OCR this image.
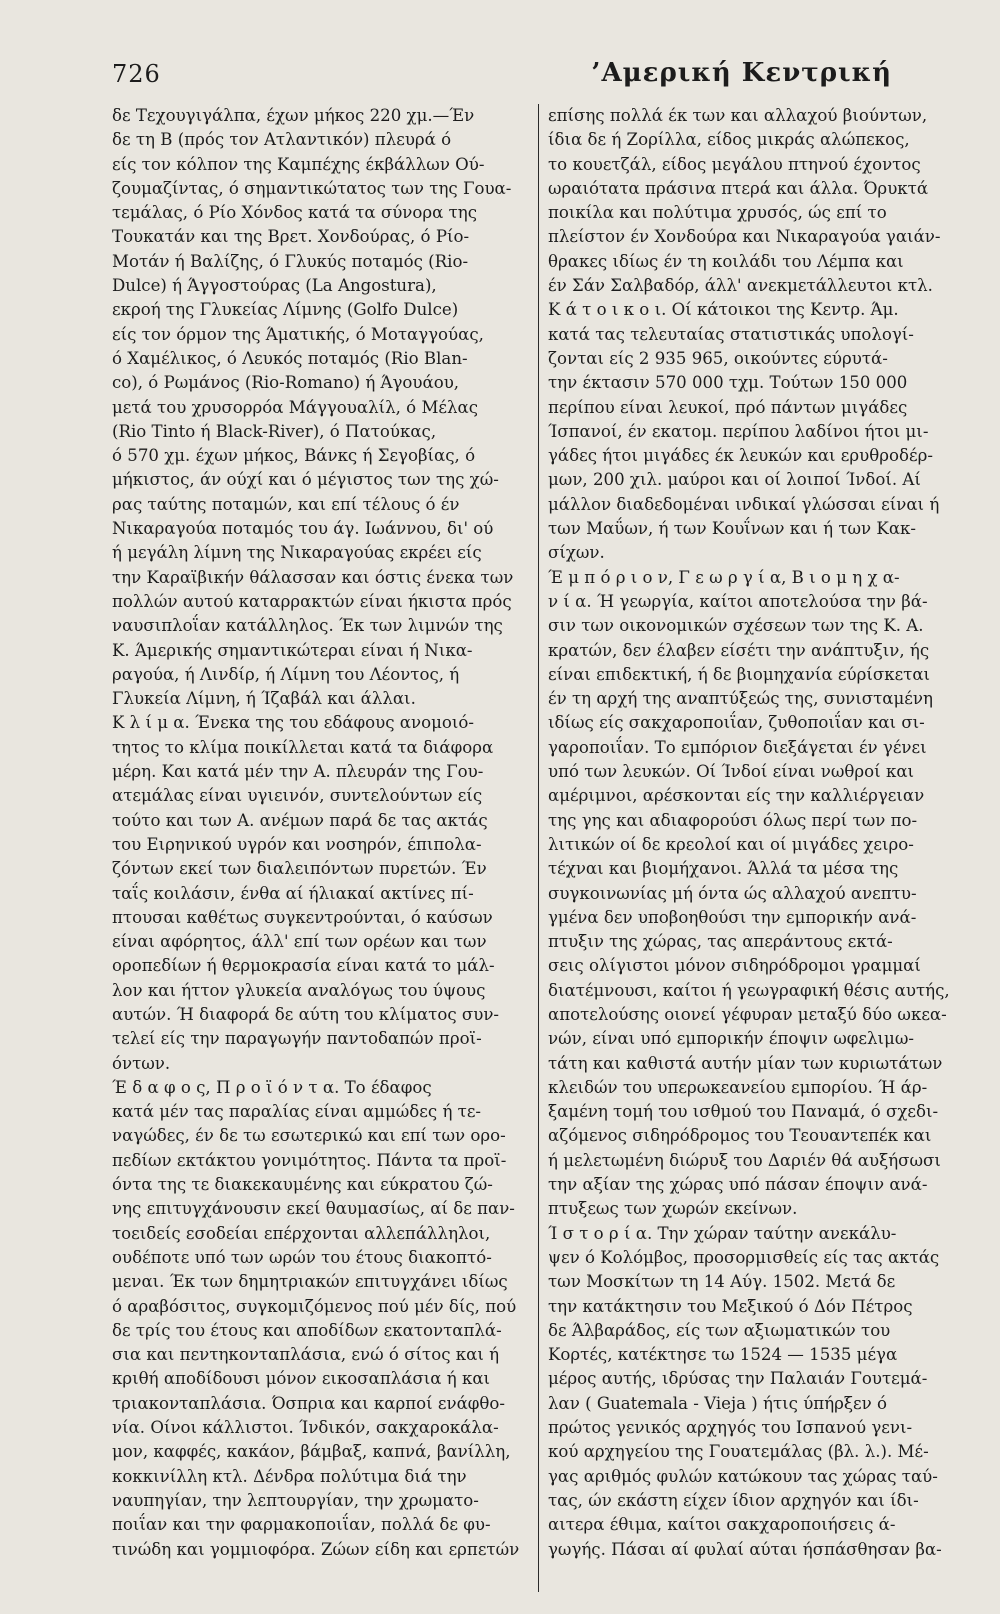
726	’Αμερική Κεντρική
δε Τεχουγιγάλπα, έχων μήκος 220 χμ.—Έν
δε τη Β (πρός τον Ατλαντικόν) πλευρά ό
είς τον κόλπον της Καμπέχης έκβάλλων Ού-
ζουμαζίντας, ό σημαντικώτατος των της Γουα-
τεμάλας, ό Ρίο Χόνδος κατά τα σύνορα της
Τουκατάν και της Βρετ. Χονδούρας, ό Ρίο-
Μοτάν ή Βαλίζης, ό Γλυκύς ποταμός (Rio-
Dulce) ή Άγγοστούρας (La Angostura),
εκροή της Γλυκείας Λίμνης (Golfo Dulce)
είς τον όρμον της Άματικής, ό Μοταγγούας,
ό Χαμέλικος, ό Λευκός ποταμός (Rio Blan-
co), ό Ρωμάνος (Rio-Romano) ή Άγουάου,
μετά του χρυσορρόα Μάγγουαλίλ, ό Μέλας
(Rio Tinto ή Black-River), ό Πατούκας,
ό 570 χμ. έχων μήκος, Βάνκς ή Σεγοβίας, ό
μήκιστος, άν ούχί και ό μέγιστος των της χώ-
ρας ταύτης ποταμών, και επί τέλους ό έν
Νικαραγούα ποταμός του άγ. Ιωάννου, δι' ού
ή μεγάλη λίμνη της Νικαραγούας εκρέει είς
την Καραϊβικήν θάλασσαν και όστις ένεκα των
πολλών αυτού καταρρακτών είναι ήκιστα πρός
ναυσιπλοΐαν κατάλληλος. Έκ των λιμνών της
Κ. Άμερικής σημαντικώτεραι είναι ή Νικα-
ραγούα, ή Λινδίρ, ή Λίμνη του Λέοντος, ή
Γλυκεία Λίμνη, ή Ίζαβάλ και άλλαι.
Κ λ ί μ α. Ένεκα της του εδάφους ανομοιό-
τητος το κλίμα ποικίλλεται κατά τα διάφορα
μέρη. Και κατά μέν την Α. πλευράν της Γου-
ατεμάλας είναι υγιεινόν, συντελούντων είς
τούτο και των Α. ανέμων παρά δε τας ακτάς
του Ειρηνικού υγρόν και νοσηρόν, έπιπολα-
ζόντων εκεί των διαλειπόντων πυρετών. Έν
ταΐς κοιλάσιν, ένθα αί ήλιακαί ακτίνες πί-
πτουσαι καθέτως συγκεντρούνται, ό καύσων
είναι αφόρητος, άλλ' επί των ορέων και των
οροπεδίων ή θερμοκρασία είναι κατά το μάλ-
λον και ήττον γλυκεία αναλόγως του ύψους
αυτών. Ή διαφορά δε αύτη του κλίματος συν-
τελεί είς την παραγωγήν παντοδαπών προϊ-
όντων.
Έ δ α φ ο ς, Π ρ ο ϊ ό ν τ α. Το έδαφος
κατά μέν τας παραλίας είναι αμμώδες ή τε-
ναγώδες, έν δε τω εσωτερικώ και επί των ορο-
πεδίων εκτάκτου γονιμότητος. Πάντα τα προϊ-
όντα της τε διακεκαυμένης και εύκρατου ζώ-
νης επιτυγχάνουσιν εκεί θαυμασίως, αί δε παν-
τοειδείς εσοδείαι επέρχονται αλλεπάλληλοι,
ουδέποτε υπό των ωρών του έτους διακοπτό-
μεναι. Έκ των δημητριακών επιτυγχάνει ιδίως
ό αραβόσιτος, συγκομιζόμενος πού μέν δίς, πού
δε τρίς του έτους και αποδίδων εκατονταπλά-
σια και πεντηκονταπλάσια, ενώ ό σίτος και ή
κριθή αποδίδουσι μόνον εικοσαπλάσια ή και
τριακονταπλάσια. Όσπρια και καρποί ενάφθο-
νία. Οίνοι κάλλιστοι. Ίνδικόν, σακχαροκάλα-
μον, καφφές, κακάον, βάμβαξ, καπνά, βανίλλη,
κοκκινίλλη κτλ. Δένδρα πολύτιμα διά την
ναυπηγίαν, την λεπτουργίαν, την χρωματο-
ποιΐαν και την φαρμακοποιΐαν, πολλά δε φυ-
τινώδη και γομμιοφόρα. Ζώων είδη και ερπετών
επίσης πολλά έκ των και αλλαχού βιούντων,
ίδια δε ή Ζορίλλα, είδος μικράς αλώπεκος,
το κουετζάλ, είδος μεγάλου πτηνού έχοντος
ωραιότατα πράσινα πτερά και άλλα. Όρυκτά
ποικίλα και πολύτιμα χρυσός, ώς επί το
πλείστον έν Χονδούρα και Νικαραγούα γαιάν-
θρακες ιδίως έν τη κοιλάδι του Λέμπα και
έν Σάν Σαλβαδόρ, άλλ' ανεκμετάλλευτοι κτλ.
Κ ά τ ο ι κ ο ι. Οί κάτοικοι της Κεντρ. Άμ.
κατά τας τελευταίας στατιστικάς υπολογί-
ζονται είς 2 935 965, οικούντες εύρυτά-
την έκτασιν 570 000 τχμ. Τούτων 150 000
περίπου είναι λευκοί, πρό πάντων μιγάδες
Ίσπανοί, έν εκατομ. περίπου λαδίνοι ήτοι μι-
γάδες ήτοι μιγάδες έκ λευκών και ερυθροδέρ-
μων, 200 χιλ. μαύροι και οί λοιποί Ίνδοί. Αί
μάλλον διαδεδομέναι ινδικαί γλώσσαι είναι ή
των Μαΰων, ή των Κουΐνων και ή των Κακ-
σίχων.
Έ μ π ό ρ ι ο ν, Γ ε ω ρ γ ί α, Β ι ο μ η χ α-
ν ί α. Ή γεωργία, καίτοι αποτελούσα την βά-
σιν των οικονομικών σχέσεων των της Κ. Α.
κρατών, δεν έλαβεν είσέτι την ανάπτυξιν, ής
είναι επιδεκτική, ή δε βιομηχανία εύρίσκεται
έν τη αρχή της αναπτύξεώς της, συνισταμένη
ιδίως είς σακχαροποιΐαν, ζυθοποιΐαν και σι-
γαροποιΐαν. Το εμπόριον διεξάγεται έν γένει
υπό των λευκών. Οί Ίνδοί είναι νωθροί και
αμέριμνοι, αρέσκονται είς την καλλιέργειαν
της γης και αδιαφορούσι όλως περί των πο-
λιτικών οί δε κρεολοί και οί μιγάδες χειρο-
τέχναι και βιομήχανοι. Άλλά τα μέσα της
συγκοινωνίας μή όντα ώς αλλαχού ανεπτυ-
γμένα δεν υποβοηθούσι την εμπορικήν ανά-
πτυξιν της χώρας, τας απεράντους εκτά-
σεις ολίγιστοι μόνον σιδηρόδρομοι γραμμαί
διατέμνουσι, καίτοι ή γεωγραφική θέσις αυτής,
αποτελούσης οιονεί γέφυραν μεταξύ δύο ωκεα-
νών, είναι υπό εμπορικήν έποψιν ωφελιμω-
τάτη και καθιστά αυτήν μίαν των κυριωτάτων
κλειδών του υπερωκεανείου εμπορίου. Ή άρ-
ξαμένη τομή του ισθμού του Παναμά, ό σχεδι-
αζόμενος σιδηρόδρομος του Τεουαντεπέκ και
ή μελετωμένη διώρυξ του Δαριέν θά αυξήσωσι
την αξίαν της χώρας υπό πάσαν έποψιν ανά-
πτυξεως των χωρών εκείνων.
Ί σ τ ο ρ ί α. Την χώραν ταύτην ανεκάλυ-
ψεν ό Κολόμβος, προσορμισθείς είς τας ακτάς
των Μοσκίτων τη 14 Αύγ. 1502. Μετά δε
την κατάκτησιν του Μεξικού ό Δόν Πέτρος
δε Άλβαράδος, είς των αξιωματικών του
Κορτές, κατέκτησε τω 1524 — 1535 μέγα
μέρος αυτής, ιδρύσας την Παλαιάν Γουτεμά-
λαν ( Guatemala - Vieja ) ήτις ύπήρξεν ό
πρώτος γενικός αρχηγός του Ισπανού γενι-
κού αρχηγείου της Γουατεμάλας (βλ. λ.). Μέ-
γας αριθμός φυλών κατώκουν τας χώρας ταύ-
τας, ών εκάστη είχεν ίδιον αρχηγόν και ίδι-
αιτερα έθιμα, καίτοι σακχαροποιήσεις ά-
γωγής. Πάσαι αί φυλαί αύται ήσπάσθησαν βα-
